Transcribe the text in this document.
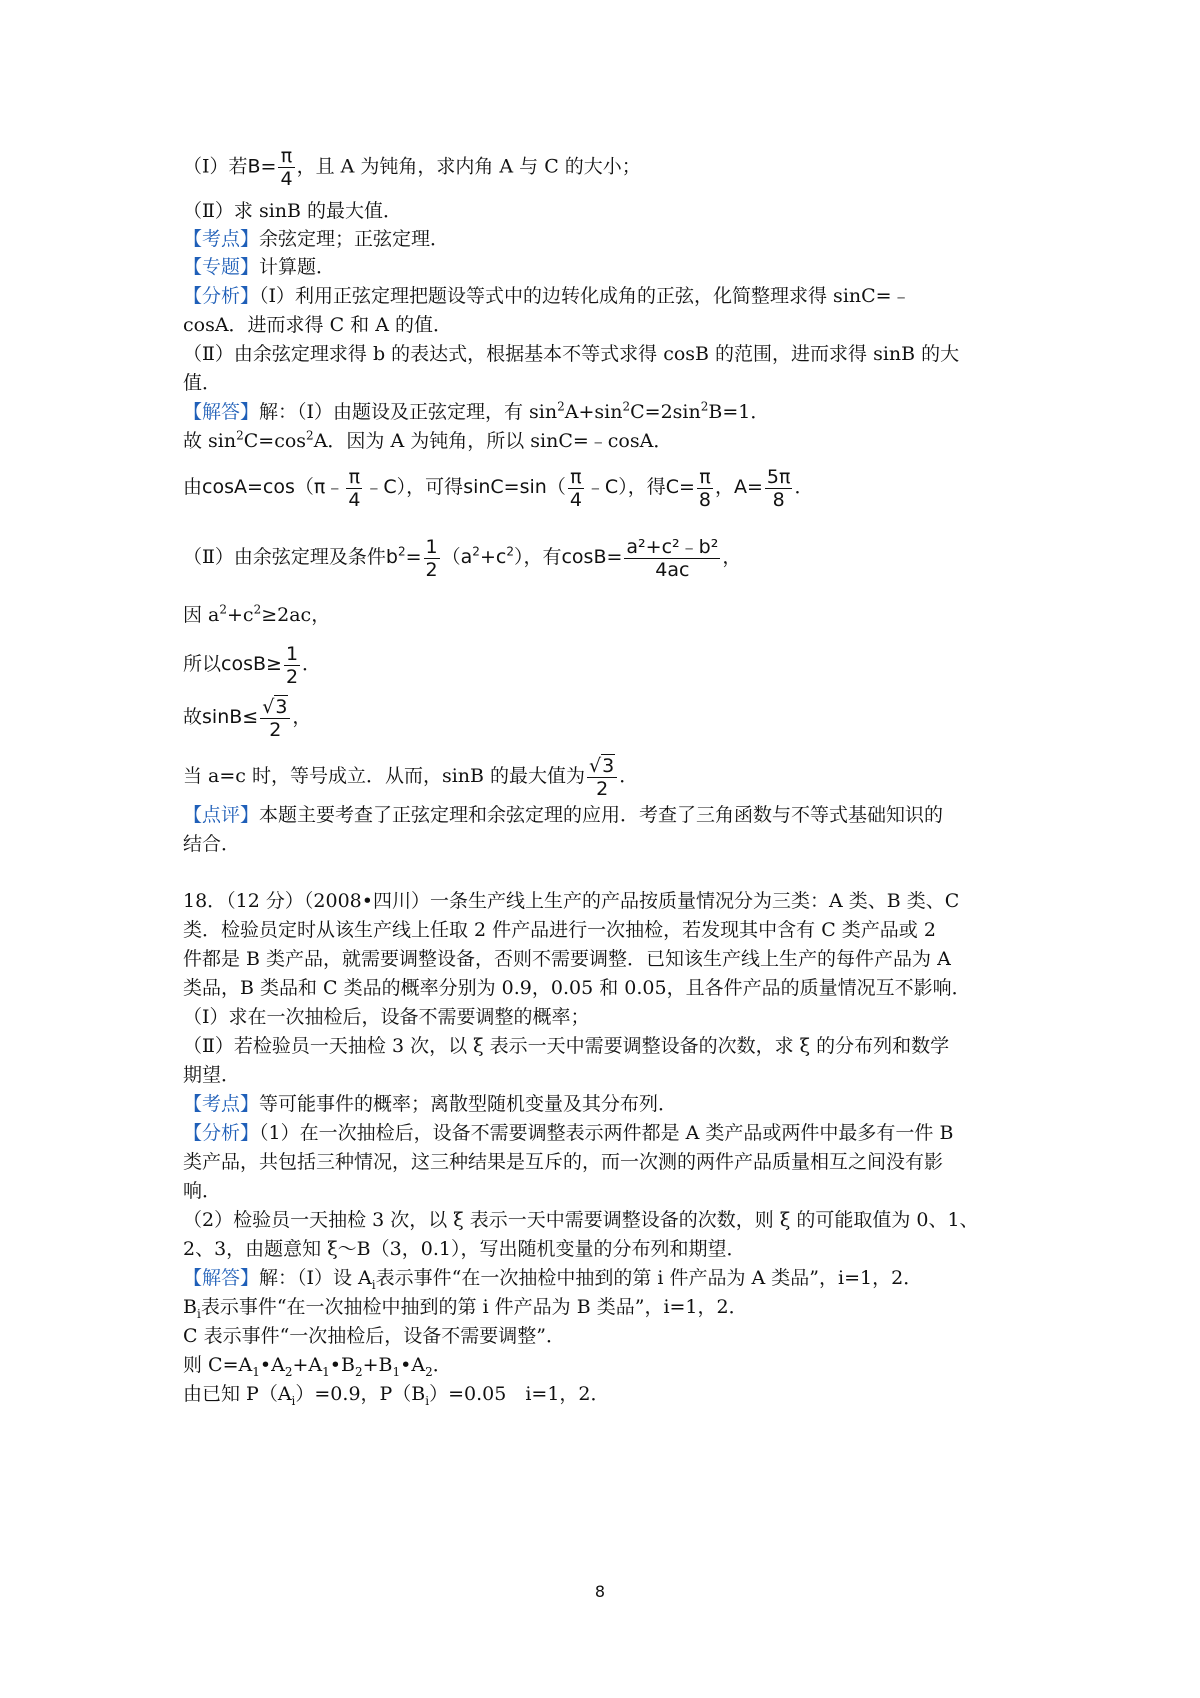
（Ⅰ）若$B= \frac{\pi}{4}$ ，且 A 为钝角，求内角 A 与 C 的大小；
（Ⅱ）求 sinB 的最大值．
【考点】余弦定理；正弦定理．
【专题】计算题．
【分析】（Ⅰ）利用正弦定理把题设等式中的边转化成角的正弦，化简整理求得 sinC=﹣
cosA．进而求得 C 和 A 的值．
（Ⅱ）由余弦定理求得 b 的表达式，根据基本不等式求得 cosB 的范围，进而求得 sinB 的大
值．
【解答】解：（Ⅰ）由题设及正弦定理，有 $\sin^2A+\sin^2C=2\sin^2B=1$．
故 $\sin^2C=\cos^2A$．因为 A 为钝角，所以 sinC=﹣cosA．
由cosA=cos（π﹣ $\frac{\pi}{4}$ ﹣C），可得$\sin C=\sin( \frac{\pi}{4}$ ﹣C），得$C= \frac{\pi}{8}$ ，$A= \frac{5\pi}{8}$ ．
（Ⅱ）由余弦定理及条件$b^2= \frac{1}{2} (a^2+c^2)$，有$\cos B= \frac{\text{a²+c²﹣b²}}{4ac}$ ，
因 $a^2+c^2\ge 2ac$，
所以$\cos B\ge \frac{1}{2}$ ．
故$\sin B\le \frac{√3}{2}$ ，
当 a=c 时，等号成立．从而，sinB 的最大值为 $\frac{√3}{2}$ ．
【点评】本题主要考查了正弦定理和余弦定理的应用．考查了三角函数与不等式基础知识的
结合．
18．（12 分）（2008•四川）一条生产线上生产的产品按质量情况分为三类：A 类、B 类、C
类．检验员定时从该生产线上任取 2 件产品进行一次抽检，若发现其中含有 C 类产品或 2
件都是 B 类产品，就需要调整设备，否则不需要调整．已知该生产线上生产的每件产品为 A
类品，B 类品和 C 类品的概率分别为 0.9，0.05 和 0.05，且各件产品的质量情况互不影响．
（Ⅰ）求在一次抽检后，设备不需要调整的概率；
（Ⅱ）若检验员一天抽检 3 次，以 ξ 表示一天中需要调整设备的次数，求 ξ 的分布列和数学
期望．
【考点】等可能事件的概率；离散型随机变量及其分布列．
【分析】（1）在一次抽检后，设备不需要调整表示两件都是 A 类产品或两件中最多有一件 B
类产品，共包括三种情况，这三种结果是互斥的，而一次测的两件产品质量相互之间没有影
响．
（2）检验员一天抽检 3 次，以 ξ 表示一天中需要调整设备的次数，则 ξ 的可能取值为 0、1、
2、3，由题意知 ξ～B（3，0.1），写出随机变量的分布列和期望．
【解答】解：（Ⅰ）设 $A_i$表示事件“在一次抽检中抽到的第 i 件产品为 A 类品”，i=1，2．
$B_i$表示事件“在一次抽检中抽到的第 i 件产品为 B 类品”，i=1，2．
C 表示事件“一次抽检后，设备不需要调整”．
则 $C=A_1•A_2+A_1•B_2+B_1•A_2$．
由已知 $P(A_i)=0.9$，$P(B_i)=0.05$　i=1，2．
8
